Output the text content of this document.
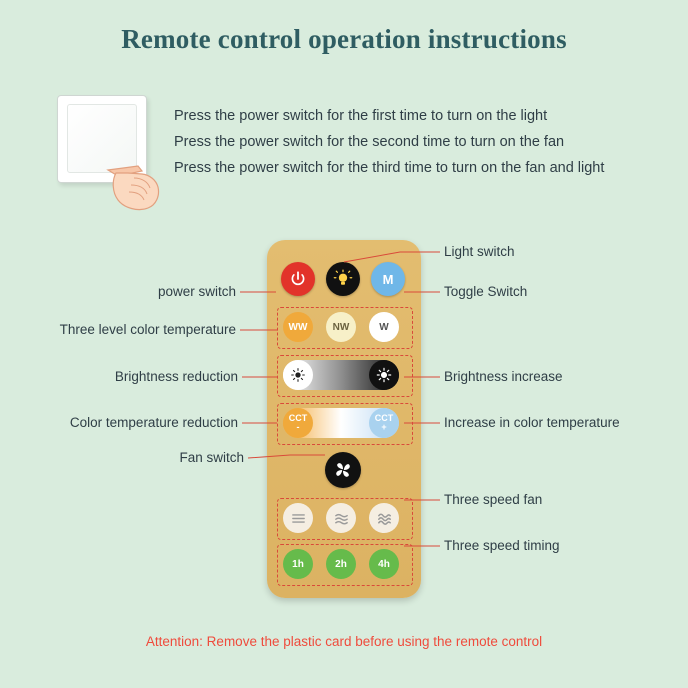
Remote control operation instructions
Press the power switch for the first time to turn on the light
Press the power switch for the second time to turn on the fan
Press the power switch for the third time to turn on the fan and light
M
WW	NW	W
CCT
-
CCT
+
1h	2h	4h
Light switch
Toggle Switch
power switch
Three level color temperature
Brightness reduction	Brightness increase
Color temperature reduction	Increase in color temperature
Fan switch
Three speed fan
Three speed timing
Attention: Remove the plastic card before using the remote control
